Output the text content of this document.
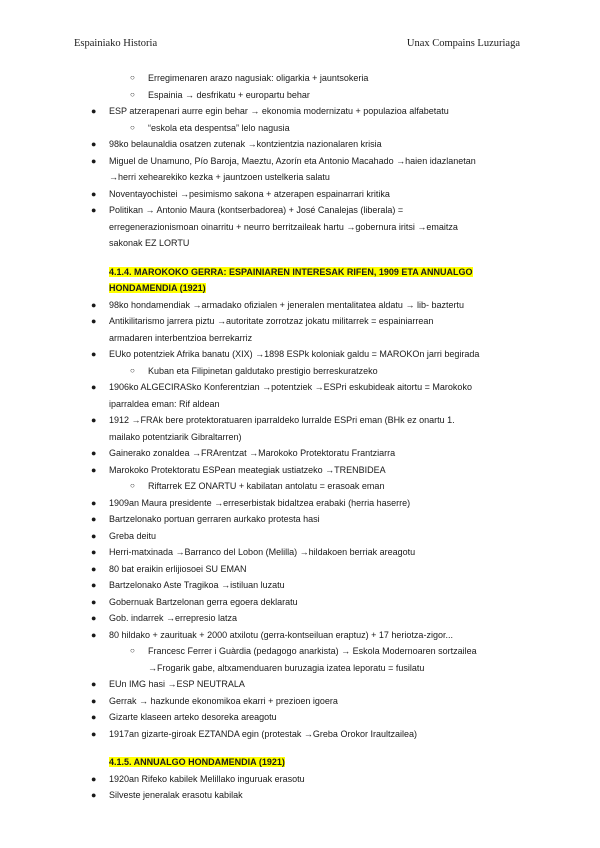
Espainiako Historia	Unax Compains Luzuriaga
○ Erregimenaren arazo nagusiak: oligarkia + jauntsokeria
○ Espainia → desfrikatu + europartu behar
● ESP atzerapenari aurre egin behar → ekonomia modernizatu + populazioa alfabetatu
○ “eskola eta despentsa” lelo nagusia
● 98ko belaunaldia osatzen zutenak →kontzientzia nazionalaren krisia
● Miguel de Unamuno, Pío Baroja, Maeztu, Azorín eta Antonio Macahado →haien idazlanetan
→herri xehearekiko kezka + jauntzoen ustelkeria salatu
● Noventayochistei →pesimismo sakona + atzerapen espainarrari kritika
● Politikan → Antonio Maura (kontserbadorea) + José Canalejas (liberala) =
erregenerazionismoan oinarritu + neurro berritzaileak hartu →gobernura iritsi →emaitza
sakonak EZ LORTU
4.1.4. MAROKOKO GERRA: ESPAINIAREN INTERESAK RIFEN, 1909 ETA ANNUALGO
HONDAMENDIA (1921)
● 98ko hondamendiak →armadako ofizialen + jeneralen mentalitatea aldatu → lib- baztertu
● Antikilitarismo jarrera piztu →autoritate zorrotzaz jokatu militarrek = espainiarrean
armadaren interbentzioa berrekarriz
● EUko potentziek Afrika banatu (XIX) →1898 ESPk koloniak galdu = MAROKOn jarri begirada
○ Kuban eta Filipinetan galdutako prestigio berreskuratzeko
● 1906ko ALGECIRASko Konferentzian →potentziek →ESPri eskubideak aitortu = Marokoko
iparraldea eman: Rif aldean
● 1912 →FRAk bere protektoratuaren iparraldeko lurralde ESPri eman (BHk ez onartu 1.
mailako potentziarik Gibraltarren)
● Gainerako zonaldea →FRArentzat →Marokoko Protektoratu Frantziarra
● Marokoko Protektoratu ESPean meategiak ustiatzeko →TRENBIDEA
○ Riftarrek EZ ONARTU + kabilatan antolatu = erasoak eman
● 1909an Maura presidente →erreserbistak bidaltzea erabaki (herria haserre)
● Bartzelonako portuan gerraren aurkako protesta hasi
● Greba deitu
● Herri-matxinada →Barranco del Lobon (Melilla) →hildakoen berriak areagotu
● 80 bat eraikin erlijiosoei SU EMAN
● Bartzelonako Aste Tragikoa →istiluan luzatu
● Gobernuak Bartzelonan gerra egoera deklaratu
● Gob. indarrek →errepresio latza
● 80 hildako + zaurituak + 2000 atxilotu (gerra-kontseiluan eraptuz) + 17 heriotza-zigor...
○ Francesc Ferrer i Guàrdia (pedagogo anarkista) → Eskola Modernoaren sortzailea
→Frogarik gabe, altxamenduaren buruzagia izatea leporatu = fusilatu
● EUn IMG hasi →ESP NEUTRALA
● Gerrak → hazkunde ekonomikoa ekarri + prezioen igoera
● Gizarte klaseen arteko desoreka areagotu
● 1917an gizarte-giroak EZTANDA egin (protestak →Greba Orokor Iraultzailea)
4.1.5. ANNUALGO HONDAMENDIA (1921)
● 1920an Rifeko kabilek Melillako inguruak erasotu
● Silveste jeneralak erasotu kabilak
